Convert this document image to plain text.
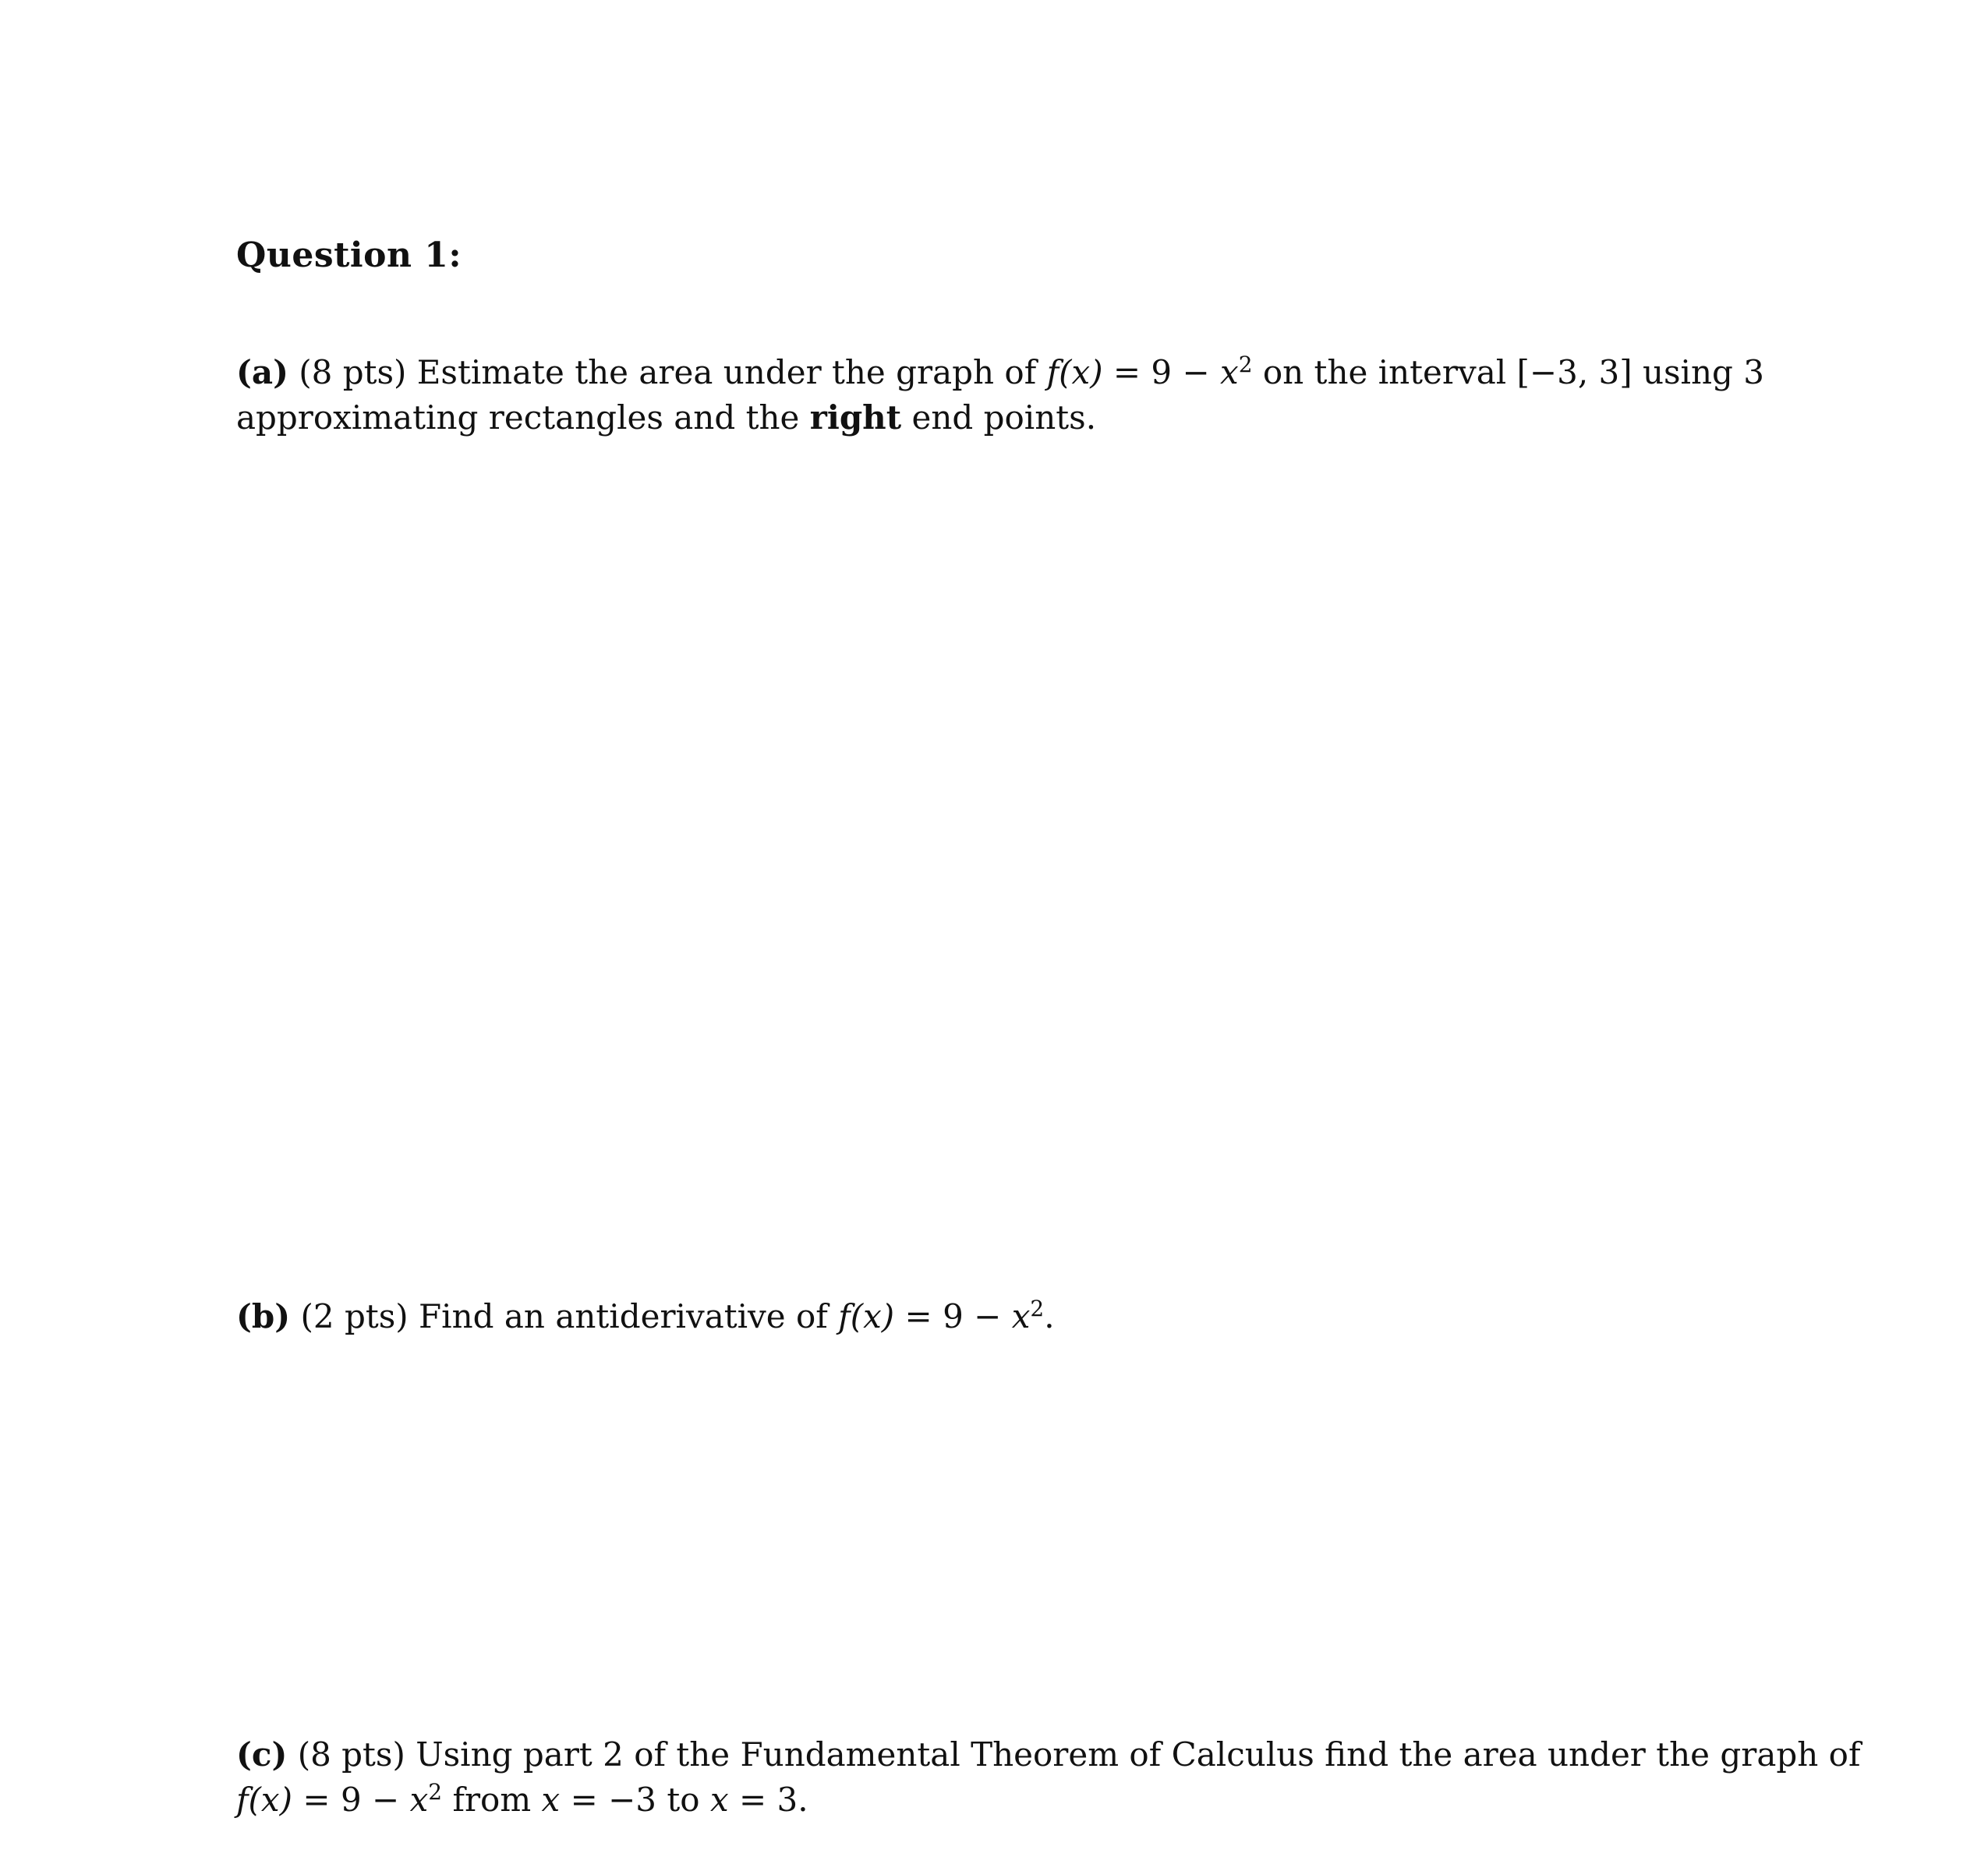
Question 1:
(a) (8 pts) Estimate the area under the graph of $f(x) = 9 - x^2$ on the interval [−3, 3] using 3
approximating rectangles and the right end points.
(b) (2 pts) Find an antiderivative of $f(x) = 9 - x^2$.
(c) (8 pts) Using part 2 of the Fundamental Theorem of Calculus find the area under the graph of
$f(x) = 9 - x^2$ from x = −3 to x = 3.
